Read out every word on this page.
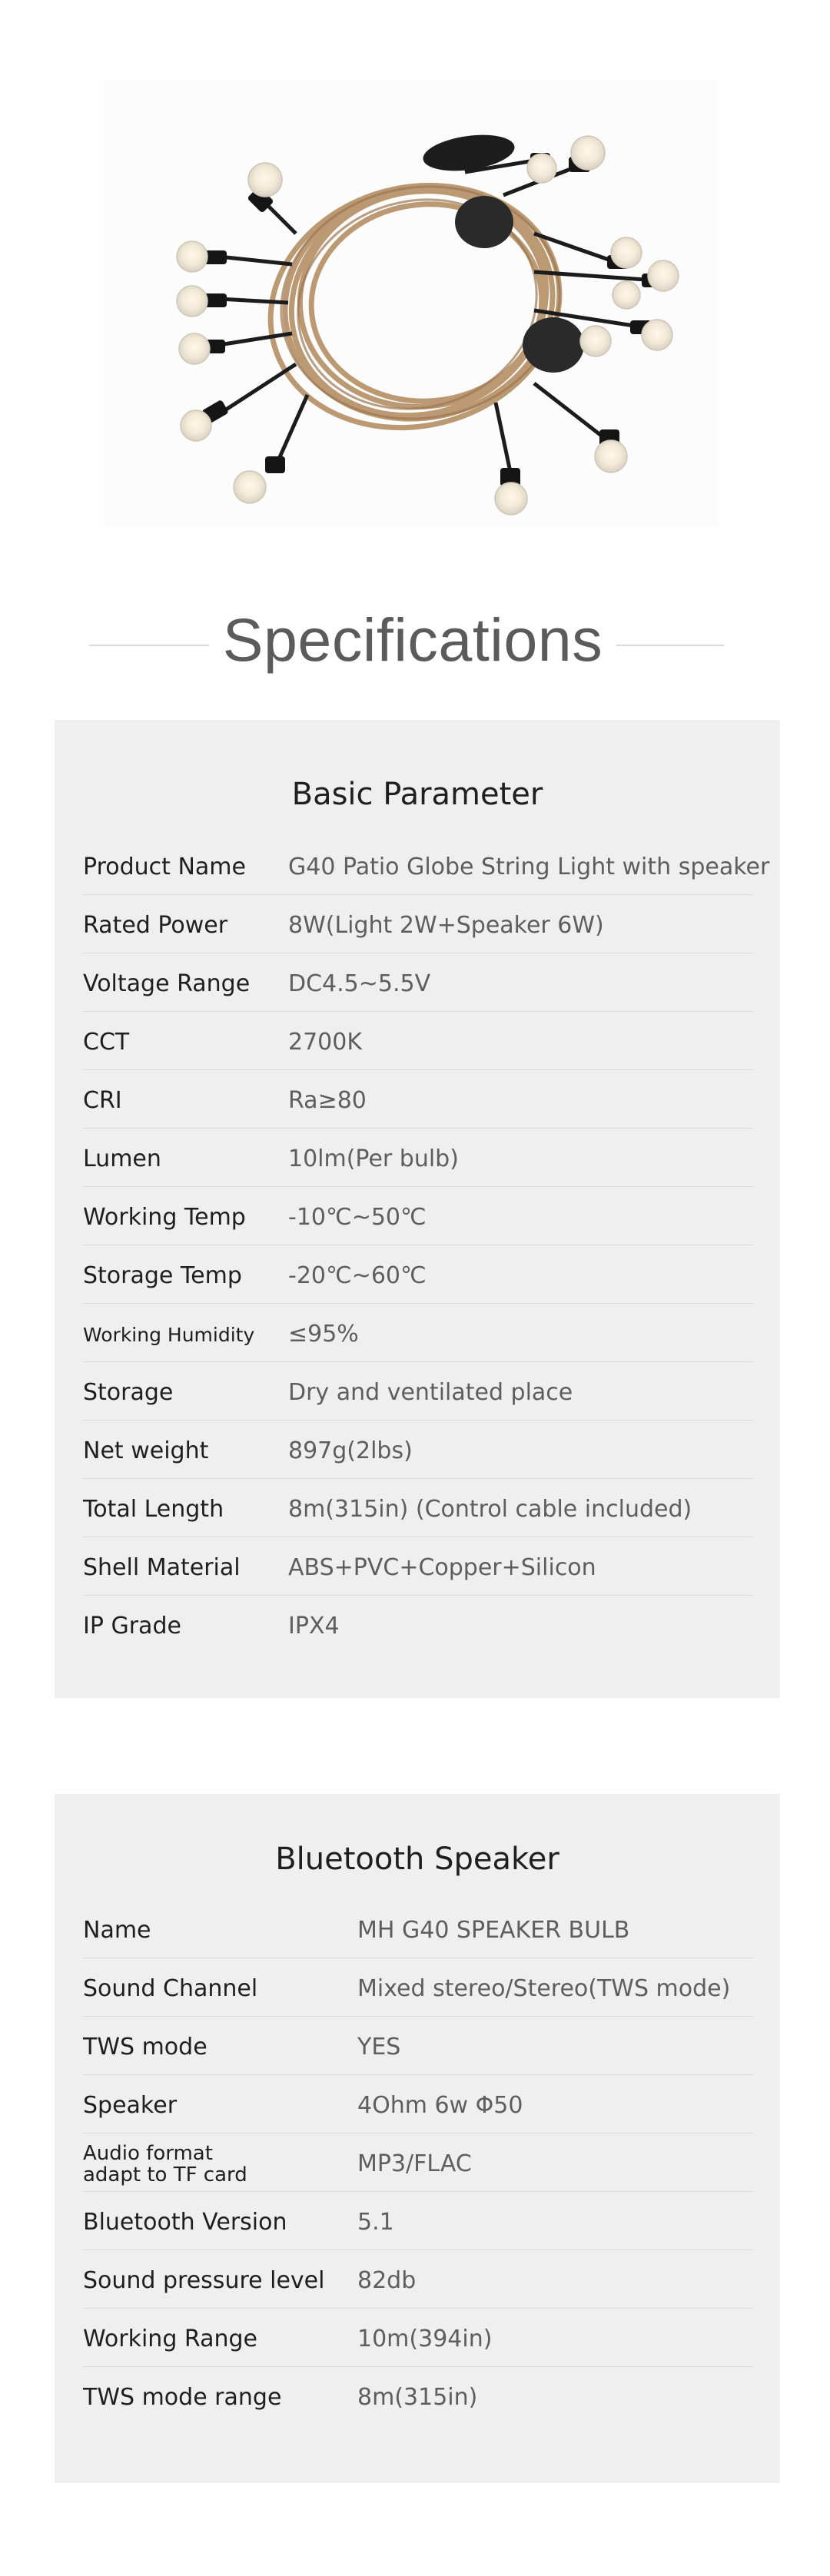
Specifications
Basic Parameter
Product Name G40 Patio Globe String Light with speaker
Rated Power	8W(Light 2W+Speaker 6W)
Voltage Range DC4.5~5.5V
CCT	2700K
CRI	Ra≥80
Lumen	10lm(Per bulb)
Working Temp -10℃~50℃
Storage Temp -20℃~60℃
Working Humidity ≤95%
Storage	Dry and ventilated place
Net weight	897g(2lbs)
Total Length	8m(315in) (Control cable included)
Shell Material ABS+PVC+Copper+Silicon
IP Grade	IPX4
Bluetooth Speaker
Name	MH G40 SPEAKER BULB
Sound Channel	Mixed stereo/Stereo(TWS mode)
TWS mode	YES
Speaker	4Ohm 6w Φ50
Audio format adapt to TF card	MP3/FLAC
Bluetooth Version	5.1
Sound pressure level 82db
Working Range	10m(394in)
TWS mode range	8m(315in)
